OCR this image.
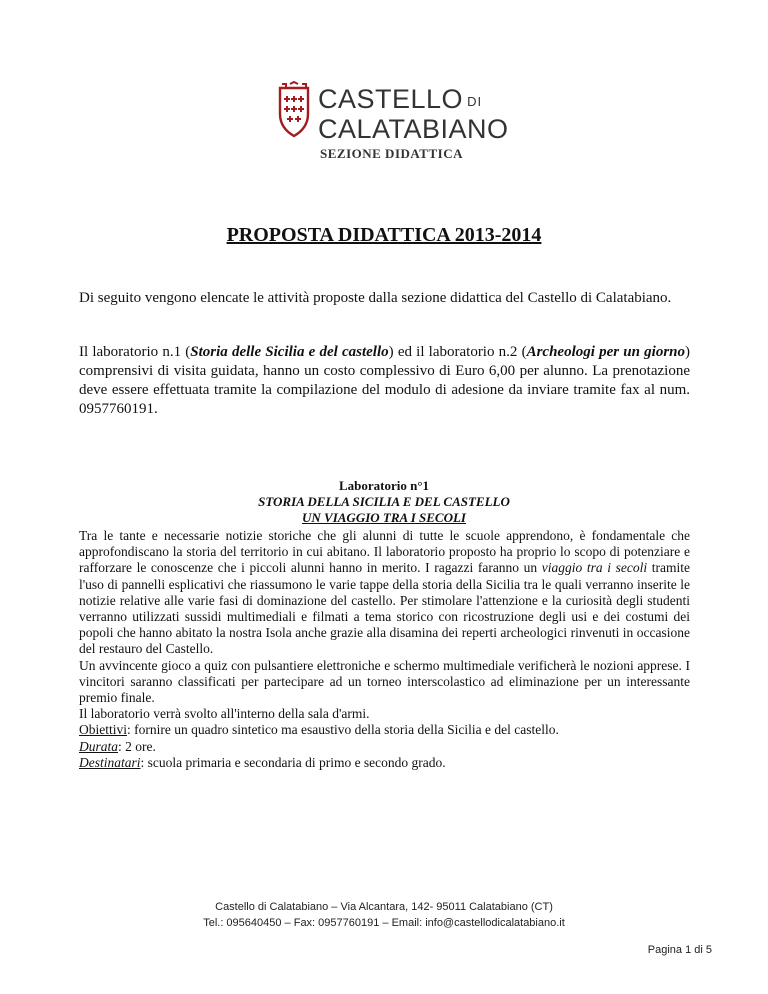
CASTELLO DI
CALATABIANO
SEZIONE DIDATTICA
PROPOSTA DIDATTICA 2013-2014

Di seguito vengono elencate le attività proposte dalla sezione didattica del Castello di Calatabiano.

Il laboratorio n.1 (Storia delle Sicilia e del castello) ed il laboratorio n.2 (Archeologi per un giorno) comprensivi di visita guidata, hanno un costo complessivo di Euro 6,00 per alunno. La prenotazione deve essere effettuata tramite la compilazione del modulo di adesione da inviare tramite fax al num. 0957760191.

Laboratorio n°1
STORIA DELLA SICILIA E DEL CASTELLO
UN VIAGGIO TRA I SECOLI

Tra le tante e necessarie notizie storiche che gli alunni di tutte le scuole apprendono, è fondamentale che approfondiscano la storia del territorio in cui abitano. Il laboratorio proposto ha proprio lo scopo di potenziare e rafforzare le conoscenze che i piccoli alunni hanno in merito. I ragazzi faranno un viaggio tra i secoli tramite l'uso di pannelli esplicativi che riassumono le varie tappe della storia della Sicilia tra le quali verranno inserite le notizie relative alle varie fasi di dominazione del castello. Per stimolare l'attenzione e la curiosità degli studenti verranno utilizzati sussidi multimediali e filmati a tema storico con ricostruzione degli usi e dei costumi dei popoli che hanno abitato la nostra Isola anche grazie alla disamina dei reperti archeologici rinvenuti in occasione del restauro del Castello.

Un avvincente gioco a quiz con pulsantiere elettroniche e schermo multimediale verificherà le nozioni apprese. I vincitori saranno classificati per partecipare ad un torneo interscolastico ad eliminazione per un interessante premio finale.

Il laboratorio verrà svolto all'interno della sala d'armi.

Obiettivi: fornire un quadro sintetico ma esaustivo della storia della Sicilia e del castello.

Durata: 2 ore.

Destinatari: scuola primaria e secondaria di primo e secondo grado.

Castello di Calatabiano – Via Alcantara, 142- 95011 Calatabiano (CT)
Tel.: 095640450 – Fax: 0957760191 – Email: info@castellodicalatabiano.it
Pagina 1 di 5
